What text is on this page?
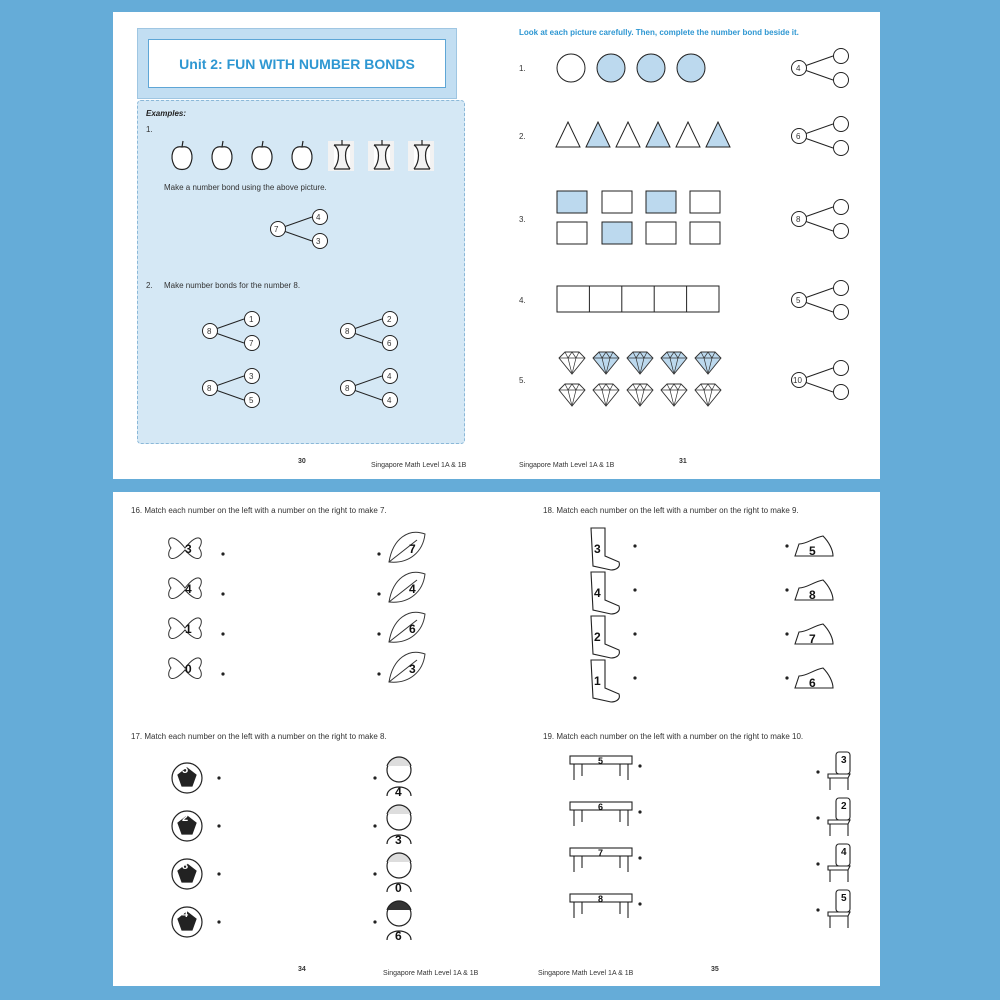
Unit 2: FUN WITH NUMBER BONDS
Examples:
1.
Make a number bond using the above picture.
7
4
3
2. Make number bonds for the number 8.
8
1
7
8
2
6
8
3
5
8
4
4
30
Singapore Math Level 1A & 1B
Look at each picture carefully. Then, complete the number bond beside it.
1.	4
2.	6
3.	8
4.	5
5.	10
Singapore Math Level 1A & 1B
31
16. Match each number on the left with a number on the right to make 7.
3
4
1
0
7
4
6
3
17. Match each number on the left with a number on the right to make 8.
5
2
8
4
4
3
0
6
34
Singapore Math Level 1A & 1B
18. Match each number on the left with a number on the right to make 9.
3
4
2
1
5
8
7
6
19. Match each number on the left with a number on the right to make 10.
5
6
7
8
3
2
4
5
Singapore Math Level 1A & 1B
35
